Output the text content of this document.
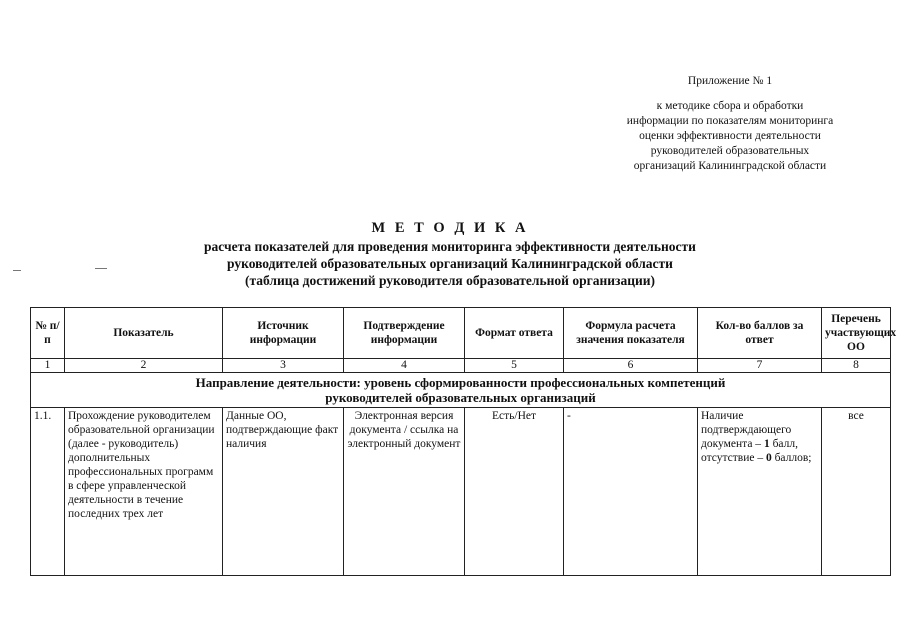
Приложение № 1
к методике сбора и обработки
информации по показателям мониторинга
оценки эффективности деятельности
руководителей образовательных
организаций Калининградской области
М Е Т О Д И К А
расчета показателей для проведения мониторинга эффективности деятельности
руководителей образовательных организаций Калининградской области
(таблица достижений руководителя образовательной организации)
№ п/п	Показатель	Источник информации	Подтверждение информации	Формат ответа	Формула расчета значения показателя	Кол-во баллов за ответ	Перечень участвующих ОО
1	2	3	4	5	6	7	8

Направление деятельности: уровень сформированности профессиональных компетенций
руководителей образовательных организаций							

1.1.	Прохождение руководителем образовательной организации (далее - руководитель) дополнительных профессиональных программ в сфере управленческой деятельности в течение последних трех лет	Данные ОО, подтверждающие факт наличия	Электронная версия документа / ссылка на электронный документ	Есть/Нет	-	Наличие подтверждающего документа – 1 балл, отсутствие – 0 баллов;	все
